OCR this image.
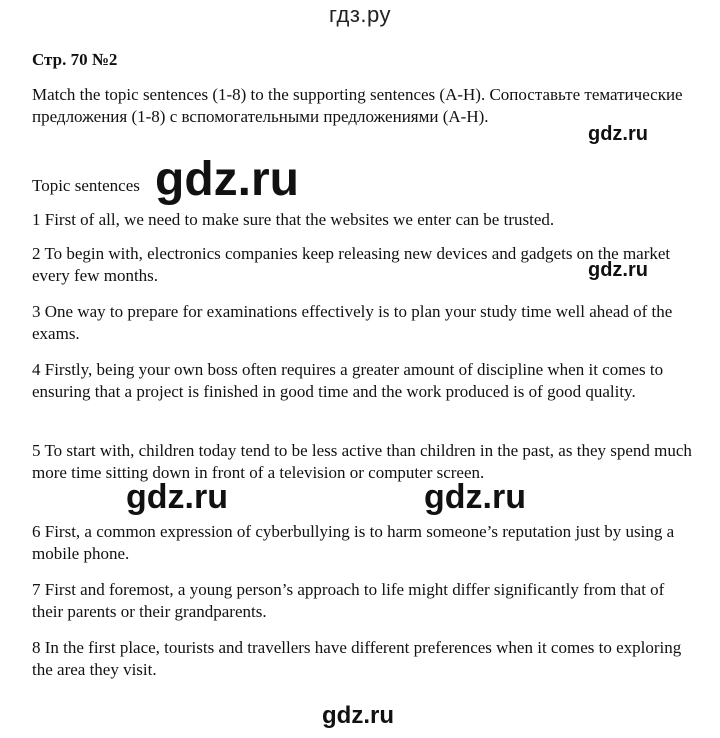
гдз.ру
Стр. 70 №2
Match the topic sentences (1-8) to the supporting sentences (A-H). Сопоставьте тематические предложения (1-8) с вспомогательными предложениями (A-H).
Topic sentences
1 First of all, we need to make sure that the websites we enter can be trusted.
2 To begin with, electronics companies keep releasing new devices and gadgets on the market every few months.
3 One way to prepare for examinations effectively is to plan your study time well ahead of the exams.
4 Firstly, being your own boss often requires a greater amount of discipline when it comes to ensuring that a project is finished in good time and the work produced is of good quality.
5 To start with, children today tend to be less active than children in the past, as they spend much more time sitting down in front of a television or computer screen.
6 First, a common expression of cyberbullying is to harm someone’s reputation just by using a mobile phone.
7 First and foremost, a young person’s approach to life might differ significantly from that of their parents or their grandparents.
8 In the first place, tourists and travellers have different preferences when it comes to exploring the area they visit.
gdz.ru
gdz.ru
gdz.ru
gdz.ru	gdz.ru
gdz.ru
